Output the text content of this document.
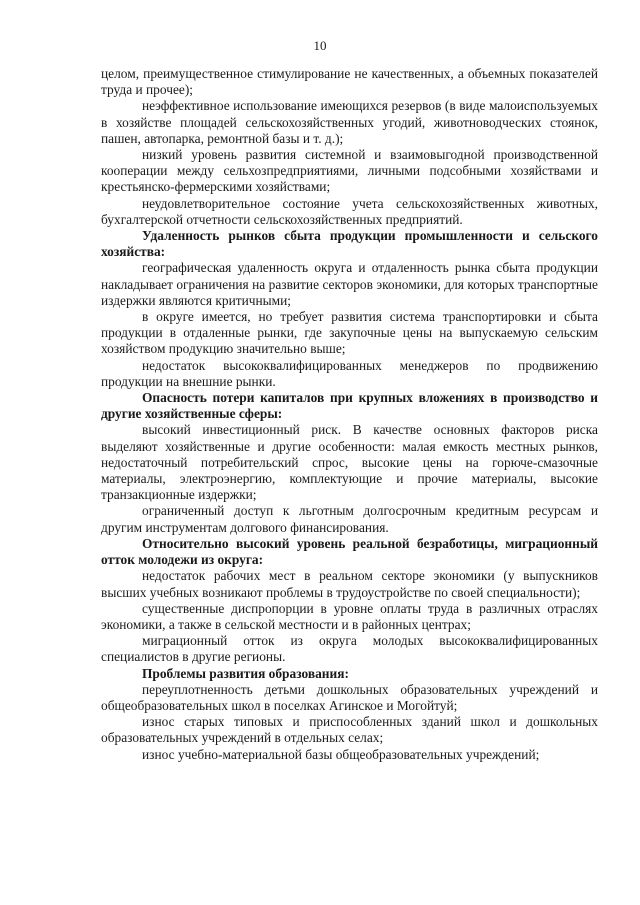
10

целом, преимущественное стимулирование не качественных, а объемных показателей труда и прочее);

неэффективное использование имеющихся резервов (в виде малоиспользуемых в хозяйстве площадей сельскохозяйственных угодий, животноводческих стоянок, пашен, автопарка, ремонтной базы и т. д.);

низкий уровень развития системной и взаимовыгодной производственной кооперации между сельхозпредприятиями, личными подсобными хозяйствами и крестьянско-фермерскими хозяйствами;

неудовлетворительное состояние учета сельскохозяйственных животных, бухгалтерской отчетности сельскохозяйственных предприятий.

Удаленность рынков сбыта продукции промышленности и сельского хозяйства:

географическая удаленность округа и отдаленность рынка сбыта продукции накладывает ограничения на развитие секторов экономики, для которых транспортные издержки являются критичными;

в округе имеется, но требует развития система транспортировки и сбыта продукции в отдаленные рынки, где закупочные цены на выпускаемую сельским хозяйством продукцию значительно выше;

недостаток высококвалифицированных менеджеров по продвижению продукции на внешние рынки.

Опасность потери капиталов при крупных вложениях в производство и другие хозяйственные сферы:

высокий инвестиционный риск. В качестве основных факторов риска выделяют хозяйственные и другие особенности: малая емкость местных рынков, недостаточный потребительский спрос, высокие цены на горюче-смазочные материалы, электроэнергию, комплектующие и прочие материалы, высокие транзакционные издержки;

ограниченный доступ к льготным долгосрочным кредитным ресурсам и другим инструментам долгового финансирования.

Относительно высокий уровень реальной безработицы, миграционный отток молодежи из округа:

недостаток рабочих мест в реальном секторе экономики (у выпускников высших учебных возникают проблемы в трудоустройстве по своей специальности);

существенные диспропорции в уровне оплаты труда в различных отраслях экономики, а также в сельской местности и в районных центрах;

миграционный отток из округа молодых высококвалифицированных специалистов в другие регионы.

Проблемы развития образования:

переуплотненность детьми дошкольных образовательных учреждений и общеобразовательных школ в поселках Агинское и Могойтуй;

износ старых типовых и приспособленных зданий школ и дошкольных образовательных учреждений в отдельных селах;

износ учебно-материальной базы общеобразовательных учреждений;
